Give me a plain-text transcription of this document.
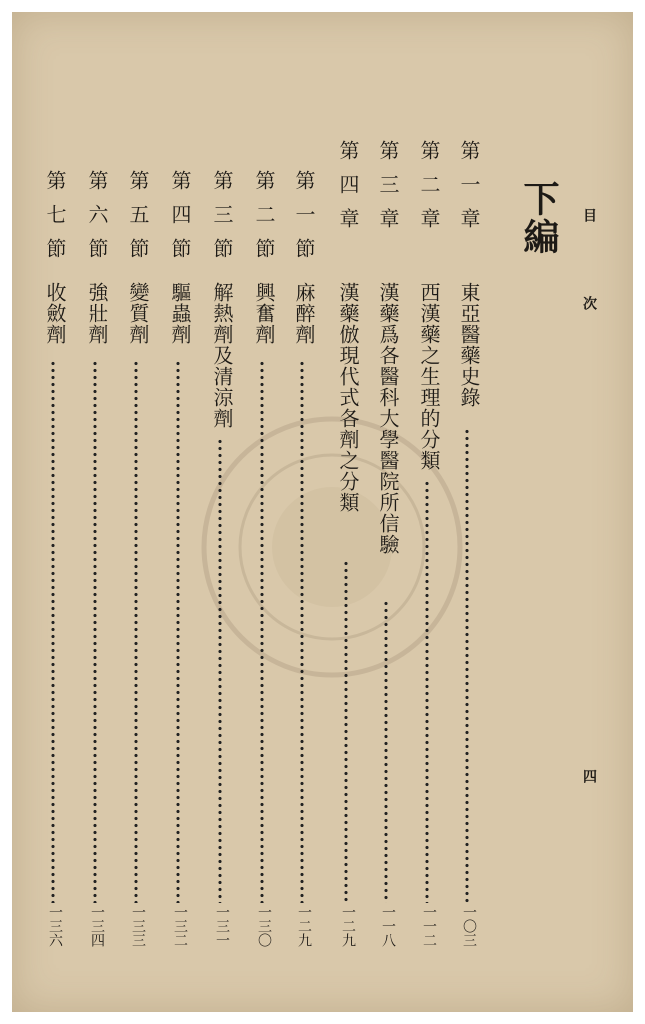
目
次
四
下編
第一章
東亞醫藥史錄
一〇三
第二章
西漢藥之生理的分類
一一二
第三章
漢藥爲各醫科大學醫院所信驗
一一八
第四章
漢藥倣現代式各劑之分類
一二九
第一節
麻醉劑
一二九
第二節
興奮劑
一三〇
第三節
解熱劑及清涼劑
一三一
第四節
驅蟲劑
一三二
第五節
變質劑
一三三
第六節
強壯劑
一三四
第七節
收斂劑
一三六
